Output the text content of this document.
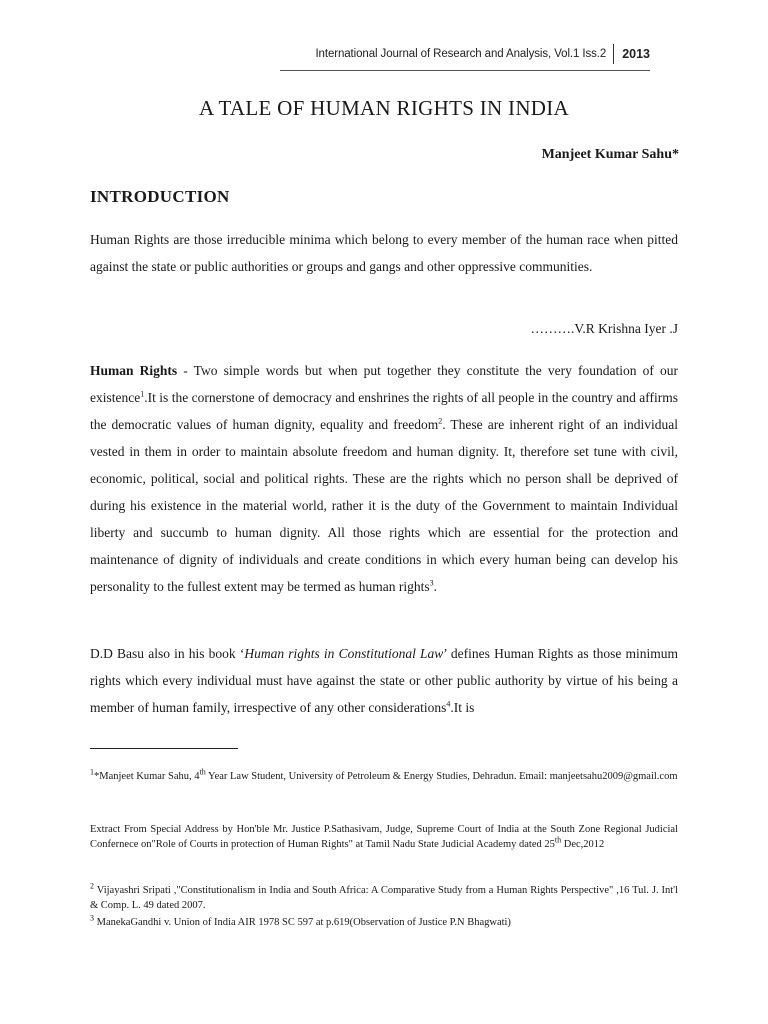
International Journal of Research and Analysis, Vol.1 Iss.2	2013
A TALE OF HUMAN RIGHTS IN INDIA
Manjeet Kumar Sahu*
INTRODUCTION

Human Rights are those irreducible minima which belong to every member of the human race when pitted against the state or public authorities or groups and gangs and other oppressive communities.

……….V.R Krishna Iyer .J

Human Rights - Two simple words but when put together they constitute the very foundation of our existence$^1$.It is the cornerstone of democracy and enshrines the rights of all people in the country and affirms the democratic values of human dignity, equality and freedom$^2$. These are inherent right of an individual vested in them in order to maintain absolute freedom and human dignity. It, therefore set tune with civil, economic, political, social and political rights. These are the rights which no person shall be deprived of during his existence in the material world, rather it is the duty of the Government to maintain Individual liberty and succumb to human dignity. All those rights which are essential for the protection and maintenance of dignity of individuals and create conditions in which every human being can develop his personality to the fullest extent may be termed as human rights$^3$.

D.D Basu also in his book ‘Human rights in Constitutional Law’ defines Human Rights as those minimum rights which every individual must have against the state or other public authority by virtue of his being a member of human family, irrespective of any other considerations$^4$.It is

$^1$*Manjeet Kumar Sahu, 4th Year Law Student, University of Petroleum & Energy Studies, Dehradun. Email: manjeetsahu2009@gmail.com

Extract From Special Address by Hon'ble Mr. Justice P.Sathasivam, Judge, Supreme Court of India at the South Zone Regional Judicial Confernece on"Role of Courts in protection of Human Rights" at Tamil Nadu State Judicial Academy dated 25th Dec,2012

$^2$ Vijayashri Sripati ,"Constitutionalism in India and South Africa: A Comparative Study from a Human Rights Perspective" ,16 Tul. J. Int'l & Comp. L. 49 dated 2007.

$^3$ ManekaGandhi v. Union of India AIR 1978 SC 597 at p.619(Observation of Justice P.N Bhagwati)
